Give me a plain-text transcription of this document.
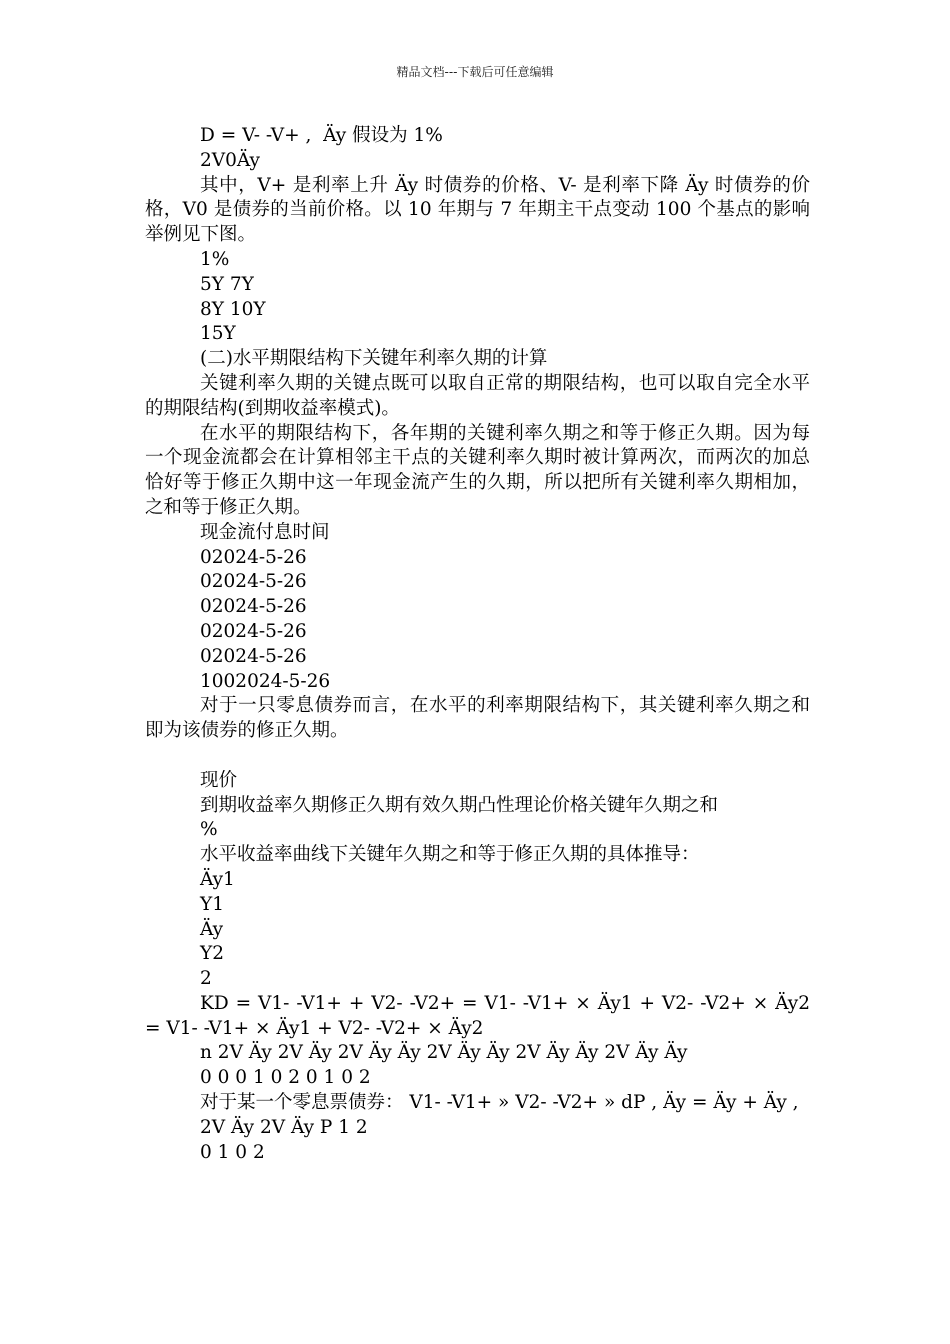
精品文档---下载后可任意编辑
D = V- -V+ ,  Äy 假设为 1%
2V0Äy
其中，V+ 是利率上升 Äy 时债券的价格、V- 是利率下降 Äy 时债券的价格，V0 是债券的当前价格。以 10 年期与 7 年期主干点变动 100 个基点的影响举例见下图。
1%
5Y 7Y
8Y 10Y
15Y
(二)水平期限结构下关键年利率久期的计算
关键利率久期的关键点既可以取自正常的期限结构，也可以取自完全水平的期限结构(到期收益率模式)。
在水平的期限结构下，各年期的关键利率久期之和等于修正久期。因为每一个现金流都会在计算相邻主干点的关键利率久期时被计算两次，而两次的加总恰好等于修正久期中这一年现金流产生的久期，所以把所有关键利率久期相加，之和等于修正久期。
现金流付息时间
02024-5-26
02024-5-26
02024-5-26
02024-5-26
02024-5-26
1002024-5-26
对于一只零息债券而言，在水平的利率期限结构下，其关键利率久期之和即为该债券的修正久期。
现价
到期收益率久期修正久期有效久期凸性理论价格关键年久期之和
%
水平收益率曲线下关键年久期之和等于修正久期的具体推导：
Äy1
Y1
Äy
Y2
2
KD = V1- -V1+ + V2- -V2+ = V1- -V1+ × Äy1 + V2- -V2+ × Äy2 = V1- -V1+ × Äy1 + V2- -V2+ × Äy2
n 2V Äy 2V Äy 2V Äy Äy 2V Äy Äy 2V Äy Äy 2V Äy Äy
0 0 0 1 0 2 0 1 0 2
对于某一个零息票债券： V1- -V1+ » V2- -V2+ » dP , Äy = Äy + Äy ,
2V Äy 2V Äy P 1 2
0 1 0 2
